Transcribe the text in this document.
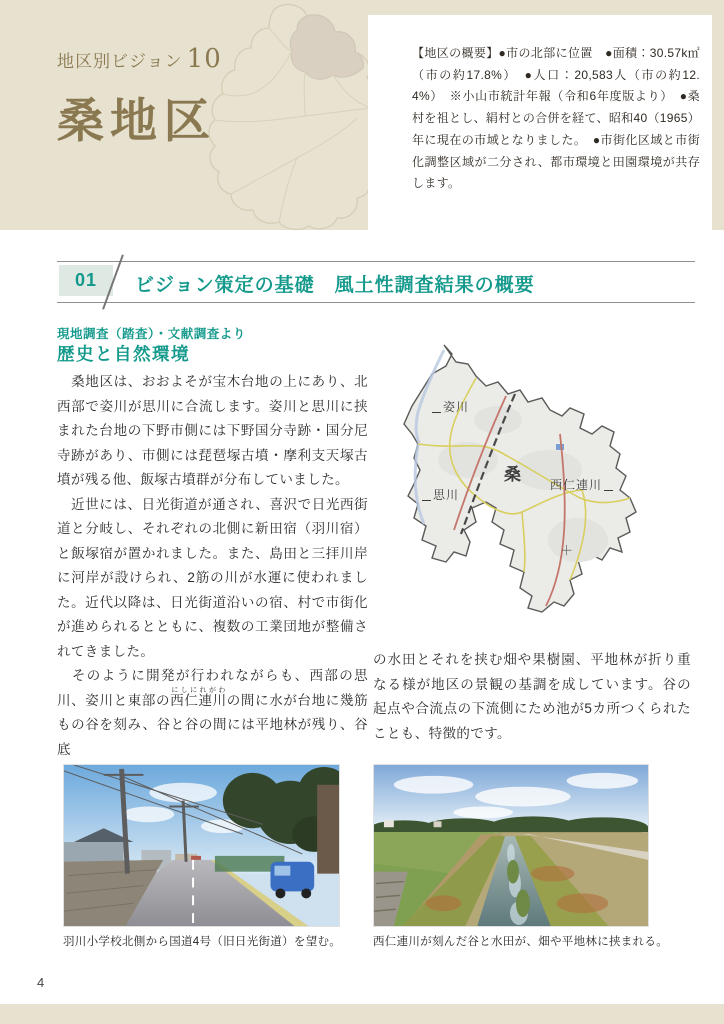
地区別ビジョン 10
桑地区
【地区の概要】●市の北部に位置　●面積：30.57k㎡（市の約17.8%）　●人口：20,583人（市の約12.4%）　※小山市統計年報（令和6年度版より）　●桑村を祖とし、絹村との合併を経て、昭和40（1965）年に現在の市域となりました。　●市街化区域と市街化調整区域が二分され、都市環境と田園環境が共存します。
01	ビジョン策定の基礎　風土性調査結果の概要
現地調査（踏査）・文献調査より
歴史と自然環境

　桑地区は、おおよそが宝木台地の上にあり、北西部で姿川が思川に合流します。姿川と思川に挟まれた台地の下野市側には下野国分寺跡・国分尼寺跡があり、市側には琵琶塚古墳・摩利支天塚古墳が残る他、飯塚古墳群が分布していました。

　近世には、日光街道が通され、喜沢で日光西街道と分岐し、それぞれの北側に新田宿（羽川宿）と飯塚宿が置かれました。また、島田と三拝川岸に河岸が設けられ、2筋の川が水運に使われました。近代以降は、日光街道沿いの宿、村で市街化が進められるとともに、複数の工業団地が整備されてきました。

　そのように開発が行われながらも、西部の思川、姿川と東部の西仁連川にしにれがわの間に水が台地に幾筋もの谷を刻み、谷と谷の間には平地林が残り、谷底

の水田とそれを挟む畑や果樹園、平地林が折り重なる様が地区の景観の基調を成しています。谷の起点や合流点の下流側にため池が5カ所つくられたことも、特徴的です。

姿川
桑
思川
西仁連川
＋
羽川小学校北側から国道4号（旧日光街道）を望む。	西仁連川が刻んだ谷と水田が、畑や平地林に挟まれる。
4
